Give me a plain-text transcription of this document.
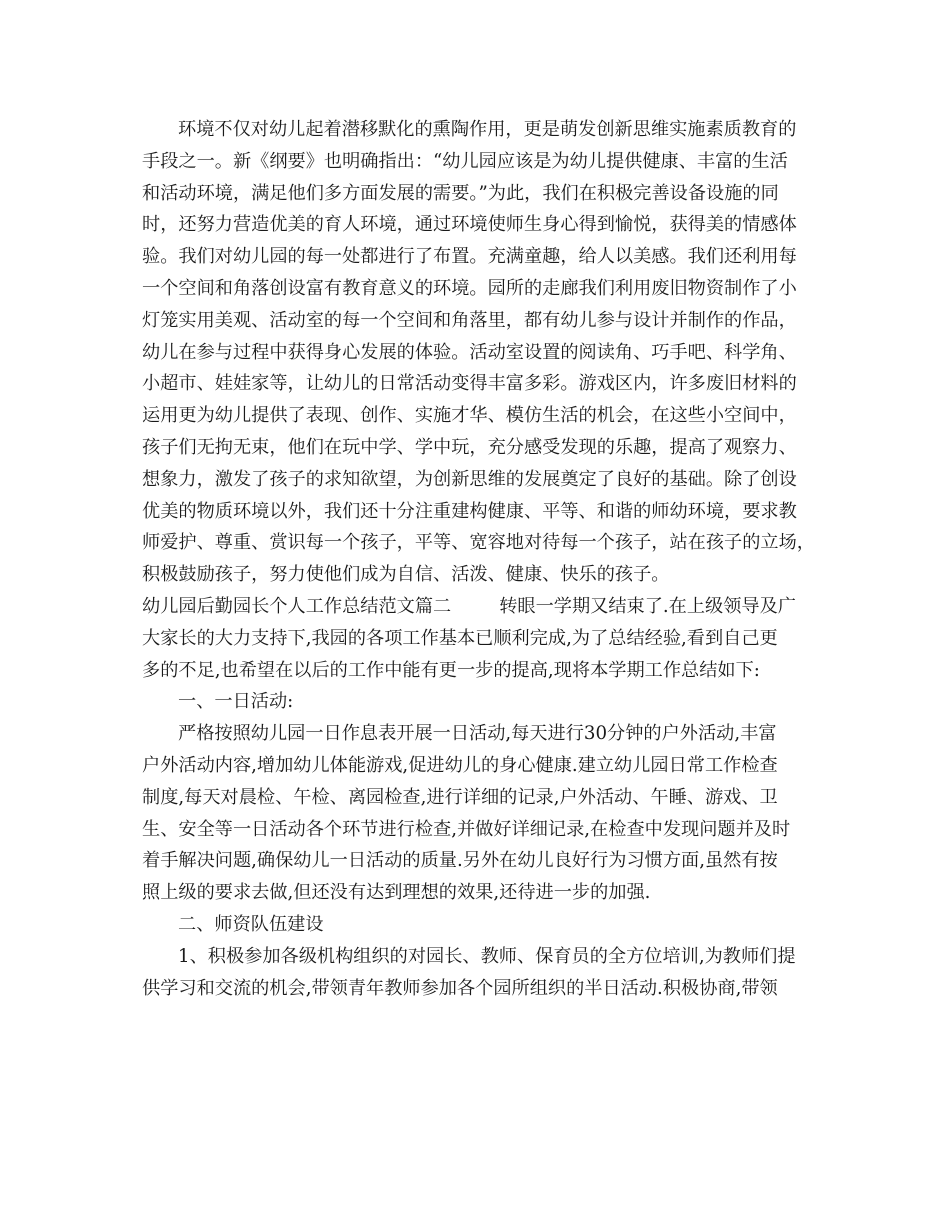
环境不仅对幼儿起着潜移默化的熏陶作用，更是萌发创新思维实施素质教育的
手段之一。新《纲要》也明确指出：“幼儿园应该是为幼儿提供健康、丰富的生活
和活动环境，满足他们多方面发展的需要。”为此，我们在积极完善设备设施的同
时，还努力营造优美的育人环境，通过环境使师生身心得到愉悦，获得美的情感体
验。我们对幼儿园的每一处都进行了布置。充满童趣，给人以美感。我们还利用每
一个空间和角落创设富有教育意义的环境。园所的走廊我们利用废旧物资制作了小
灯笼实用美观、活动室的每一个空间和角落里，都有幼儿参与设计并制作的作品，
幼儿在参与过程中获得身心发展的体验。活动室设置的阅读角、巧手吧、科学角、
小超市、娃娃家等，让幼儿的日常活动变得丰富多彩。游戏区内，许多废旧材料的
运用更为幼儿提供了表现、创作、实施才华、模仿生活的机会，在这些小空间中，
孩子们无拘无束，他们在玩中学、学中玩，充分感受发现的乐趣，提高了观察力、
想象力，激发了孩子的求知欲望，为创新思维的发展奠定了良好的基础。除了创设
优美的物质环境以外，我们还十分注重建构健康、平等、和谐的师幼环境，要求教
师爱护、尊重、赏识每一个孩子，平等、宽容地对待每一个孩子，站在孩子的立场，
积极鼓励孩子，努力使他们成为自信、活泼、健康、快乐的孩子。
幼儿园后勤园长个人工作总结范文篇二	转眼一学期又结束了.在上级领导及广
大家长的大力支持下,我园的各项工作基本已顺利完成,为了总结经验,看到自己更
多的不足,也希望在以后的工作中能有更一步的提高,现将本学期工作总结如下:
一、一日活动:
严格按照幼儿园一日作息表开展一日活动,每天进行30分钟的户外活动,丰富
户外活动内容,增加幼儿体能游戏,促进幼儿的身心健康.建立幼儿园日常工作检查
制度,每天对晨检、午检、离园检查,进行详细的记录,户外活动、午睡、游戏、卫
生、安全等一日活动各个环节进行检查,并做好详细记录,在检查中发现问题并及时
着手解决问题,确保幼儿一日活动的质量.另外在幼儿良好行为习惯方面,虽然有按
照上级的要求去做,但还没有达到理想的效果,还待进一步的加强.
二、师资队伍建设
1、积极参加各级机构组织的对园长、教师、保育员的全方位培训,为教师们提
供学习和交流的机会,带领青年教师参加各个园所组织的半日活动.积极协商,带领
